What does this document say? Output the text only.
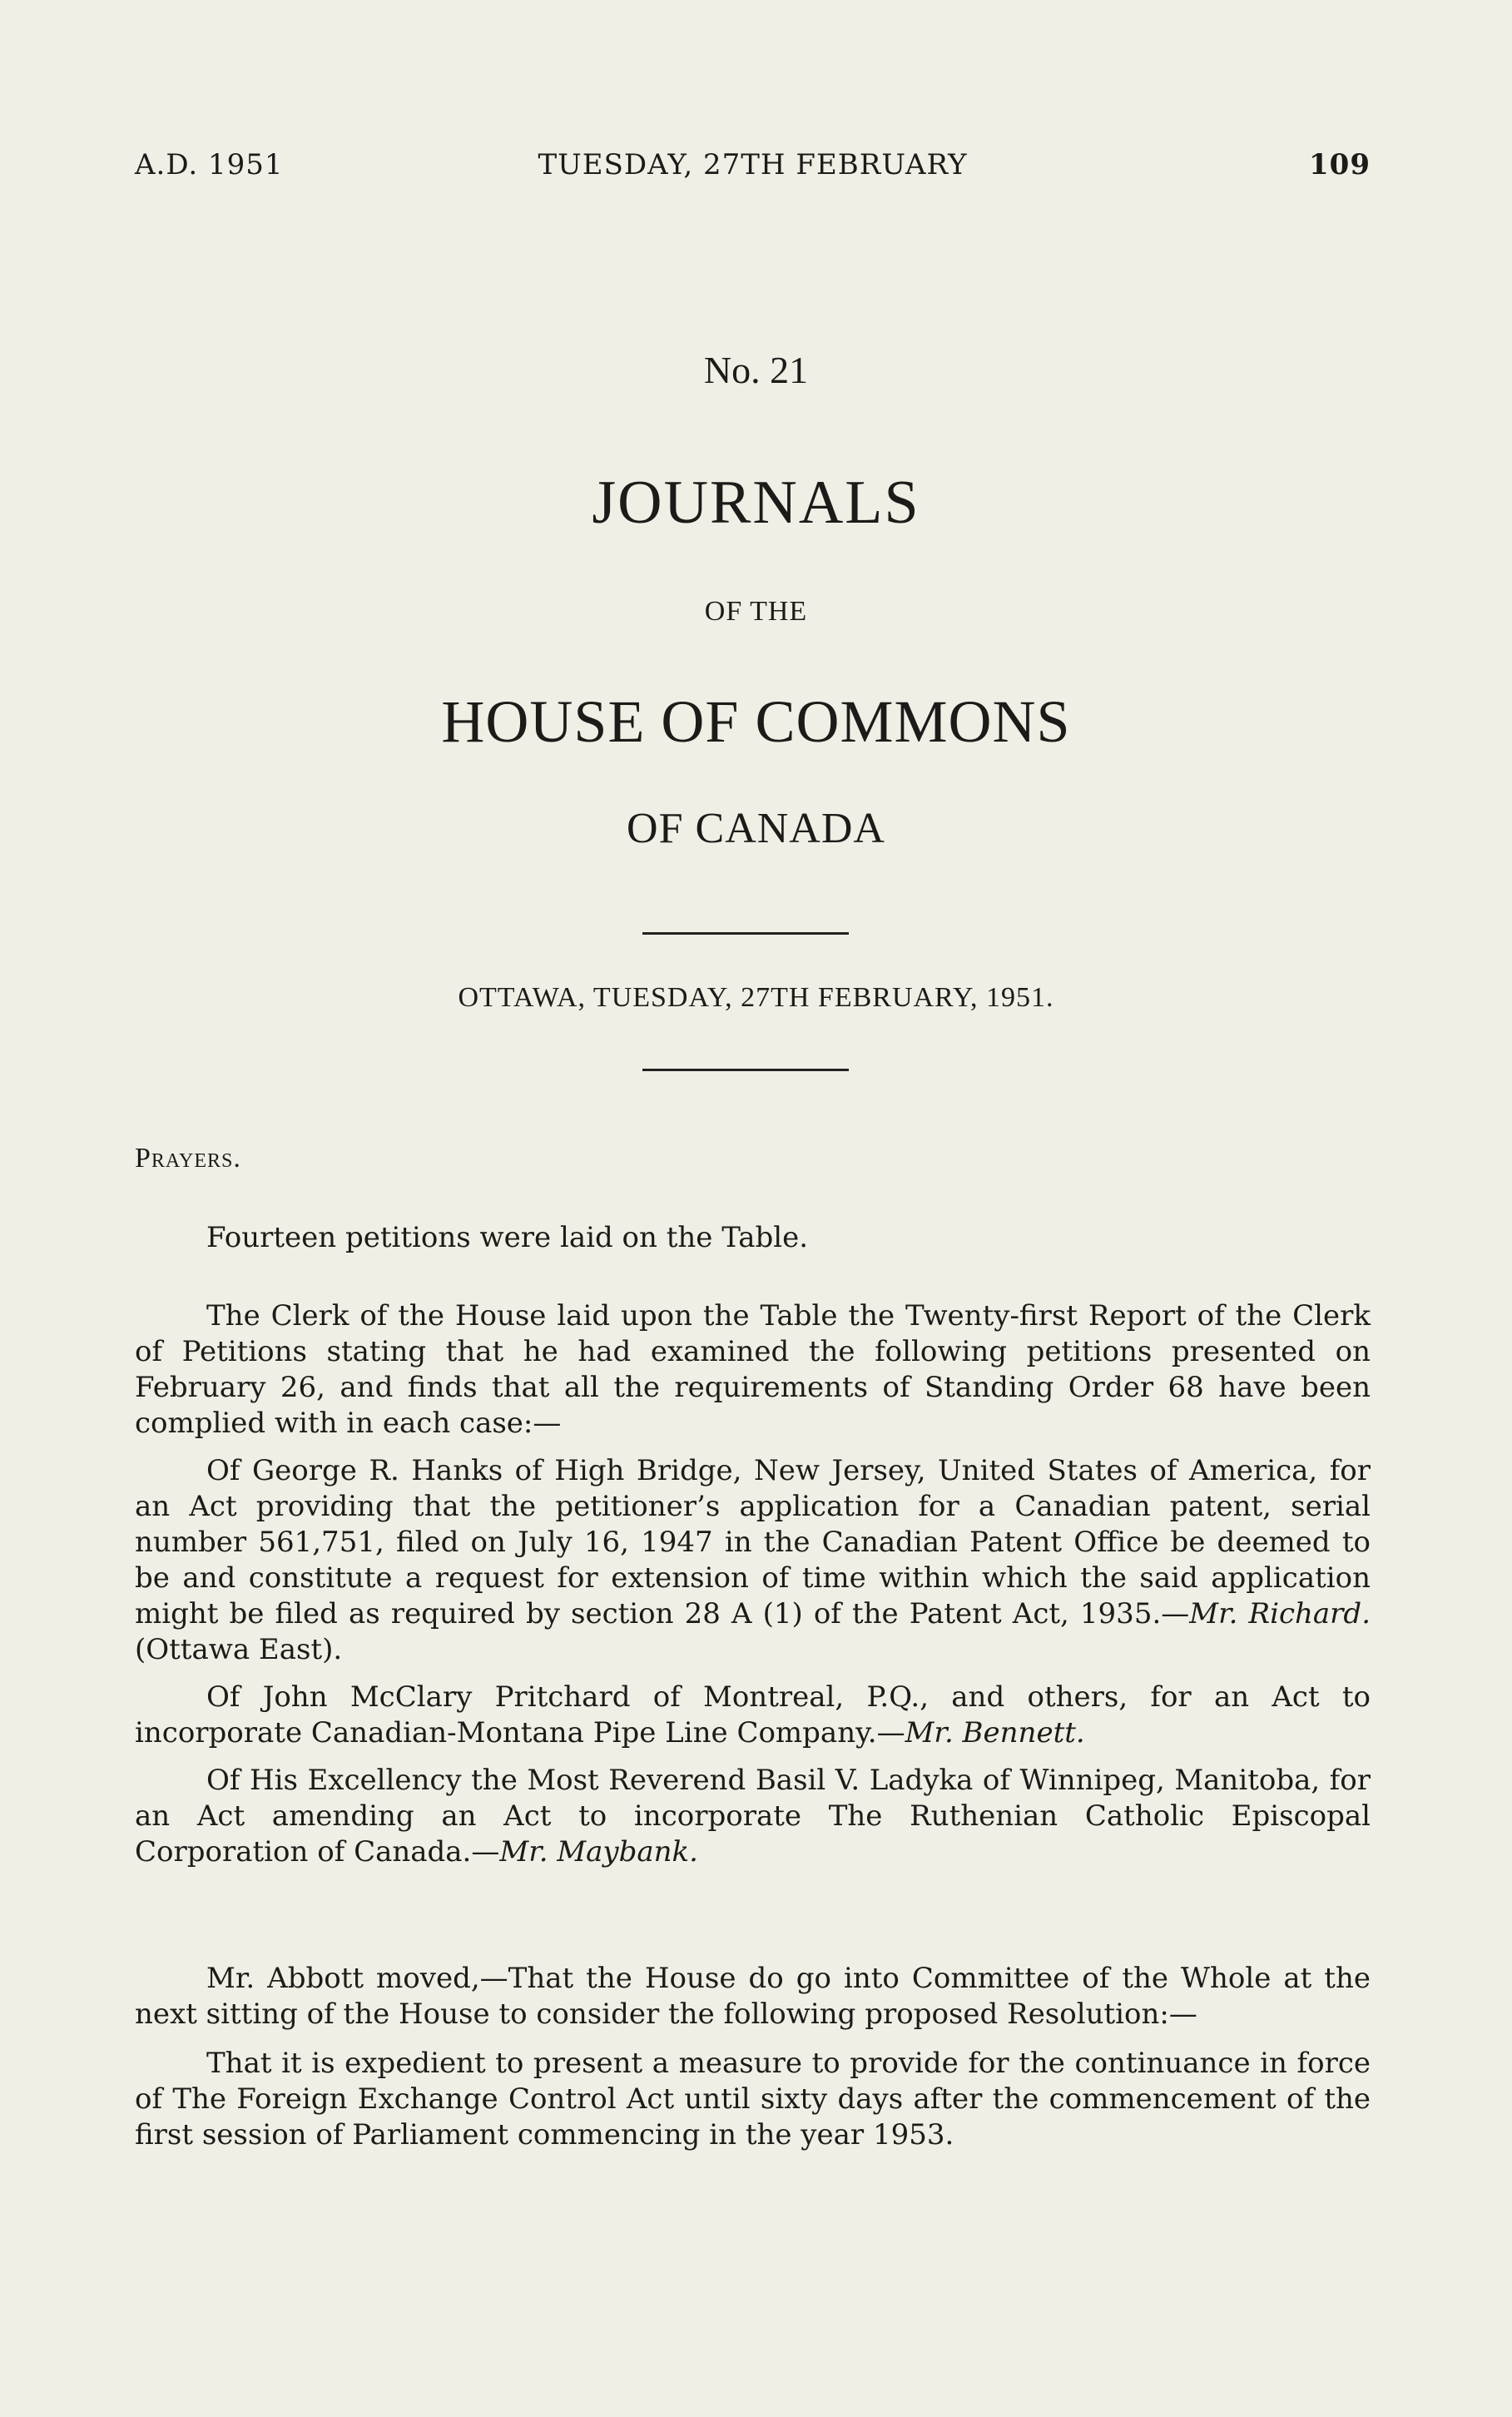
A.D. 1951	TUESDAY, 27TH FEBRUARY	109
No. 21
JOURNALS
OF THE
HOUSE OF COMMONS
OF CANADA
OTTAWA, TUESDAY, 27TH FEBRUARY, 1951.
Prayers.

Fourteen petitions were laid on the Table.

The Clerk of the House laid upon the Table the Twenty-first Report of the Clerk of Petitions stating that he had examined the following petitions presented on February 26, and finds that all the requirements of Standing Order 68 have been complied with in each case:—

Of George R. Hanks of High Bridge, New Jersey, United States of America, for an Act providing that the petitioner’s application for a Canadian patent, serial number 561,751, filed on July 16, 1947 in the Canadian Patent Office be deemed to be and constitute a request for extension of time within which the said application might be filed as required by section 28 A (1) of the Patent Act, 1935.—Mr. Richard. (Ottawa East).

Of John McClary Pritchard of Montreal, P.Q., and others, for an Act to incorporate Canadian-Montana Pipe Line Company.—Mr. Bennett.

Of His Excellency the Most Reverend Basil V. Ladyka of Winnipeg, Manitoba, for an Act amending an Act to incorporate The Ruthenian Catholic Episcopal Corporation of Canada.—Mr. Maybank.

Mr. Abbott moved,—That the House do go into Committee of the Whole at the next sitting of the House to consider the following proposed Resolution:—

That it is expedient to present a measure to provide for the continuance in force of The Foreign Exchange Control Act until sixty days after the commencement of the first session of Parliament commencing in the year 1953.
